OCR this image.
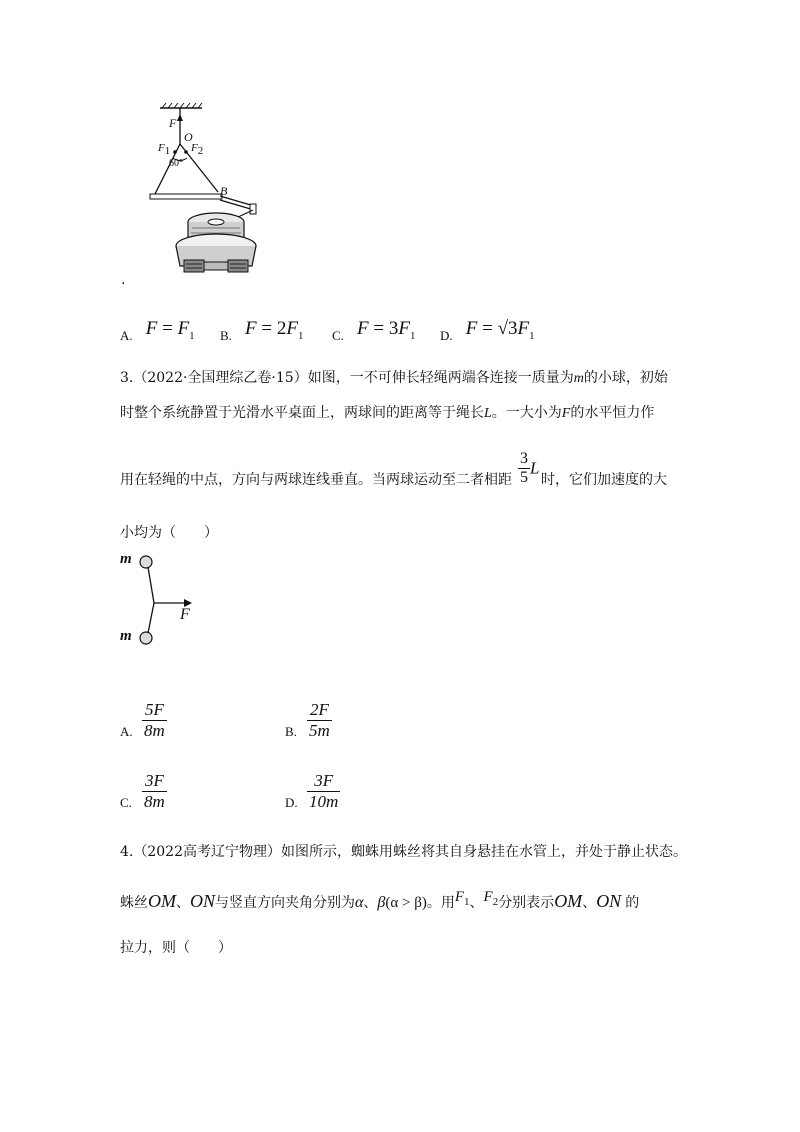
F
O
$F_1$ $F_2$
60°
B
·
$_{A.}$ $F = F_1$ $_{B.}$ $F = 2F_1$ $_{C.}$ $F = 3F_1$ $_{D.}$ $F = √3F_1$
3.（2022·全国理综乙卷·15）如图，一不可伸长轻绳两端各连接一质量为m的小球，初始
时整个系统静置于光滑水平桌面上，两球间的距离等于绳长L。一大小为F的水平恒力作
用在轻绳的中点，方向与两球连线垂直。当两球运动至二者相距 $\frac{3}{5}$ L
时，它们加速度的大
小均为（　　）
m
m
F
A.
5F
8m	B.
2F
5m
C.
3F
8m	D.
3F
10m
4.（2022高考辽宁物理）如图所示，蜘蛛用蛛丝将其自身悬挂在水管上，并处于静止状态。
蛛丝OM、ON与竖直方向夹角分别为α、β(α > β)。用$F_1$、$F_2$分别表示OM、ON 的
拉力，则（　　）
